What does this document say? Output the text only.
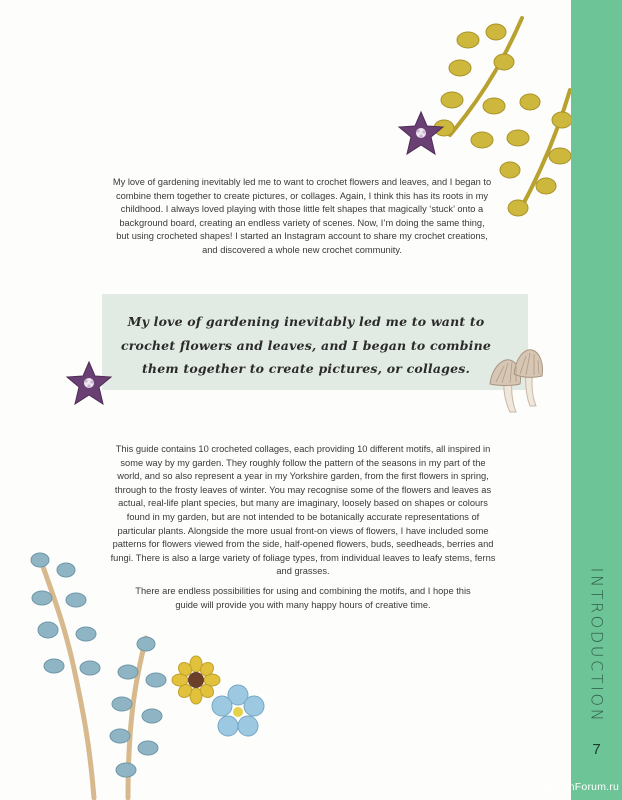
My love of gardening inevitably led me to want to crochet flowers and leaves, and I began to combine them together to create pictures, or collages. Again, I think this has its roots in my childhood. I always loved playing with those little felt shapes that magically ‘stuck’ onto a background board, creating an endless variety of scenes. Now, I’m doing the same thing, but using crocheted shapes! I started an Instagram account to share my crochet creations, and discovered a whole new crochet community.

My love of gardening inevitably led me to want to crochet flowers and leaves, and I began to combine them together to create pictures, or collages.

This guide contains 10 crocheted collages, each providing 10 different motifs, all inspired in some way by my garden. They roughly follow the pattern of the seasons in my part of the world, and so also represent a year in my Yorkshire garden, from the first flowers in spring, through to the frosty leaves of winter. You may recognise some of the flowers and leaves as actual, real-life plant species, but many are imaginary, loosely based on shapes or colours found in my garden, but are not intended to be botanically accurate representations of particular plants. Alongside the more usual front-on views of flowers, I have included some patterns for flowers viewed from the side, half-opened flowers, buds, seedheads, berries and fungi. There is also a large variety of foliage types, from individual leaves to leafy stems, ferns and grasses.

There are endless possibilities for using and combining the motifs, and I hope this guide will provide you with many happy hours of creative time.	INTRODUCTION
7
PassionForum.ru
